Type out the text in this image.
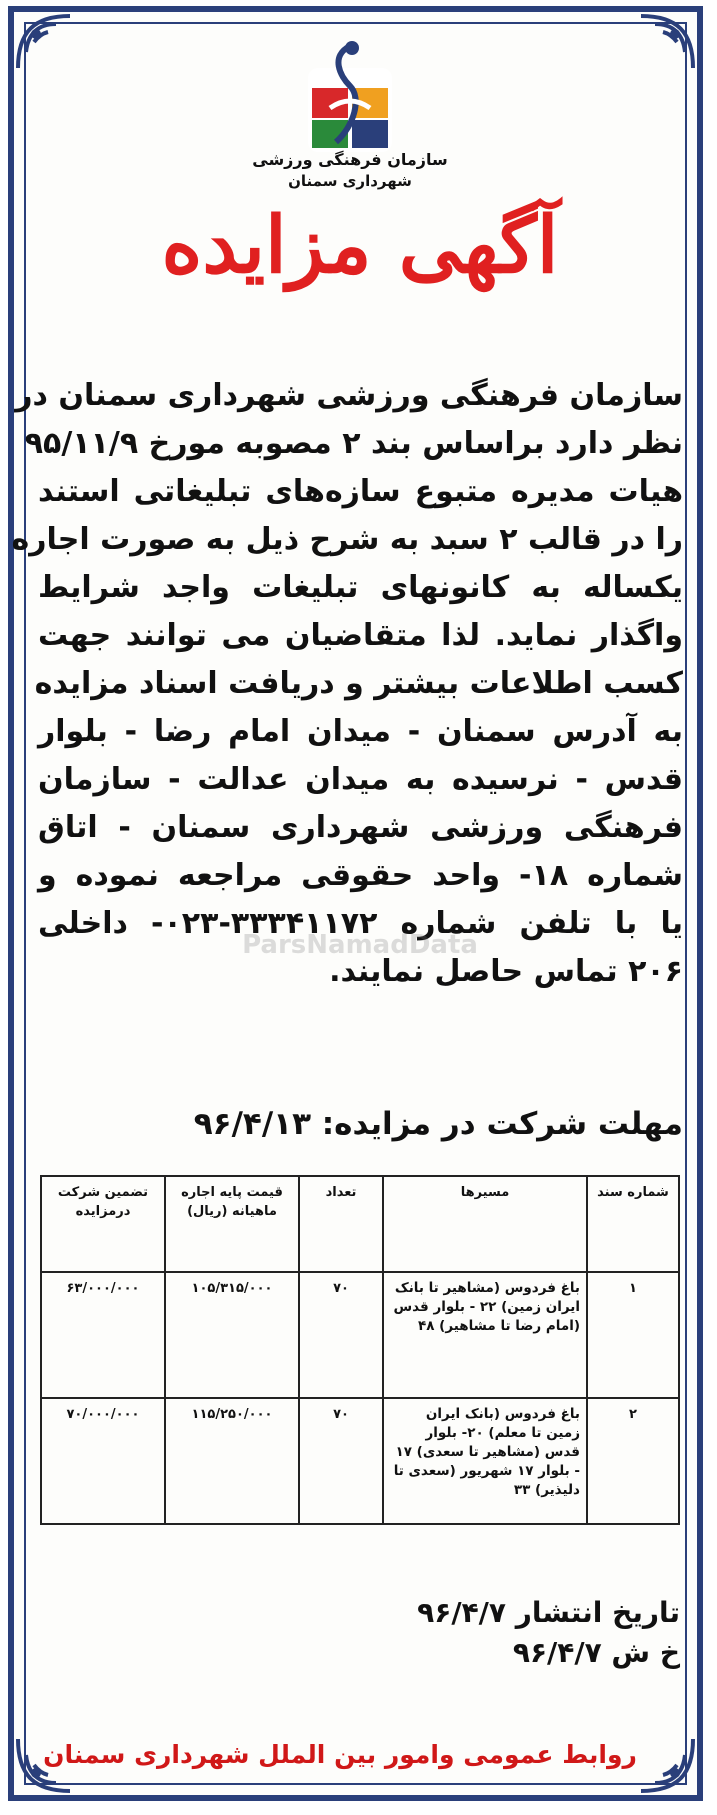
سازمان فرهنگی ورزشی
شهرداری سمنان
آگهی مزایده
سازمان فرهنگی ورزشی شهرداری سمنان در
نظر دارد براساس بند ۲ مصوبه مورخ ۹۵/۱۱/۹
هیات مدیره متبوع سازه‌های تبلیغاتی استند
را در قالب ۲ سبد به شرح ذیل به صورت اجاره
یکساله به کانونهای تبلیغات واجد شرایط
واگذار نماید. لذا متقاضیان می توانند جهت
کسب اطلاعات بیشتر و دریافت اسناد مزایده
به آدرس سمنان - میدان امام رضا - بلوار
قدس - نرسیده به میدان عدالت - سازمان
فرهنگی ورزشی شهرداری سمنان - اتاق
شماره ۱۸- واحد حقوقی مراجعه نموده و
یا با تلفن شماره ۳۳۳۴۱۱۷۲-۰۲۳- داخلی
۲۰۶ تماس حاصل نمایند.
ParsNamadData
مهلت شرکت در مزایده: ۹۶/۴/۱۳
شماره سند	مسیرها	تعداد	قیمت پایه اجاره ماهیانه (ریال)	تضمین شرکت درمزایده
۱	باغ فردوس (مشاهیر تا بانک ایران زمین) ۲۲ - بلوار قدس (امام رضا تا مشاهیر) ۴۸	۷۰	۱۰۵/۳۱۵/۰۰۰	۶۳/۰۰۰/۰۰۰
۲	باغ فردوس (بانک ایران زمین تا معلم) ۲۰- بلوار قدس (مشاهیر تا سعدی) ۱۷ - بلوار ۱۷ شهریور (سعدی تا دلیذیر) ۳۳	۷۰	۱۱۵/۲۵۰/۰۰۰	۷۰/۰۰۰/۰۰۰
تاریخ انتشار ۹۶/۴/۷
خ ش ۹۶/۴/۷
روابط عمومی وامور بین الملل شهرداری سمنان
